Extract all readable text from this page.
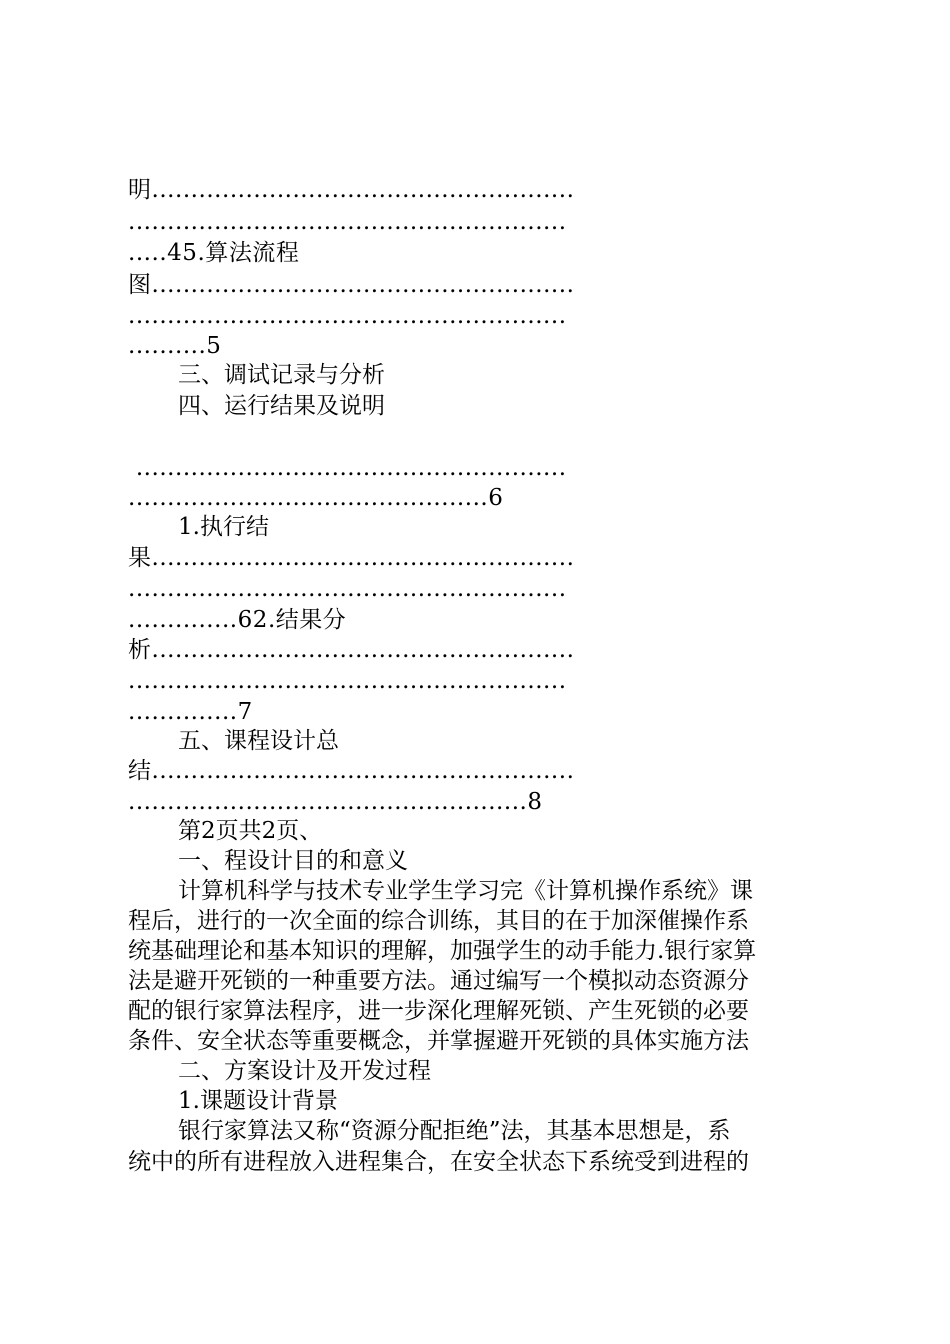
明......................................................
........................................................
.....45.算法流程
图......................................................
........................................................
..........5
三、调试记录与分析
四、运行结果及说明
.......................................................
..............................................6
1.执行结
果......................................................
........................................................
..............62.结果分
析......................................................
........................................................
..............7
五、课程设计总
结......................................................
...................................................8
第2页共2页、
一、程设计目的和意义
计算机科学与技术专业学生学习完《计算机操作系统》课
程后，进行的一次全面的综合训练，其目的在于加深催操作系
统基础理论和基本知识的理解，加强学生的动手能力.银行家算
法是避开死锁的一种重要方法。通过编写一个模拟动态资源分
配的银行家算法程序，进一步深化理解死锁、产生死锁的必要
条件、安全状态等重要概念，并掌握避开死锁的具体实施方法
二、方案设计及开发过程
1.课题设计背景
银行家算法又称“资源分配拒绝”法，其基本思想是，系
统中的所有进程放入进程集合，在安全状态下系统受到进程的
